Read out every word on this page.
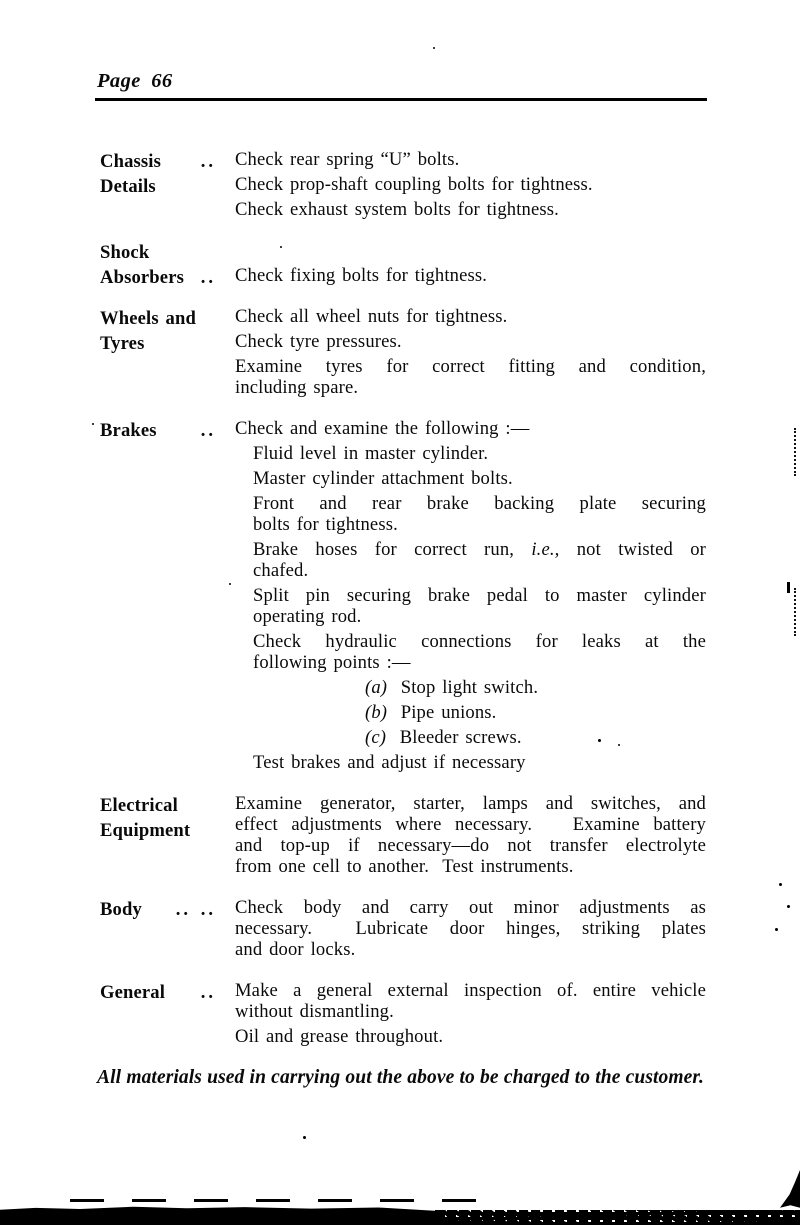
Page 66
Chassis ..
Details
Check rear spring “U” bolts.
Check prop-shaft coupling bolts for tightness.
Check exhaust system bolts for tightness.
Shock
Absorbers .. Check fixing bolts for tightness.
Wheels and
Tyres
Check all wheel nuts for tightness.
Check tyre pressures.
Examine tyres for correct fitting and condition,
including spare.
Brakes .. Check and examine the following :—
Fluid level in master cylinder.
Master cylinder attachment bolts.
Front and rear brake backing plate securing
bolts for tightness.
Brake hoses for correct run, i.e., not twisted or
chafed.
Split pin securing brake pedal to master cylinder
operating rod.
Check hydraulic connections for leaks at the
following points :—
(a)  Stop light switch.
(b)  Pipe unions.
(c)  Bleeder screws.
Test brakes and adjust if necessary
Electrical
Equipment
Examine generator, starter, lamps and switches, and
effect adjustments where necessary.   Examine battery
and top-up if necessary—do not transfer electrolyte
from one cell to another.  Test instruments.
Body .. .. Check body and carry out minor adjustments as
necessary.  Lubricate door hinges, striking plates
and door locks.
General .. Make a general external inspection of. entire vehicle
without dismantling.
Oil and grease throughout.
All materials used in carrying out the above to be charged to the customer.
